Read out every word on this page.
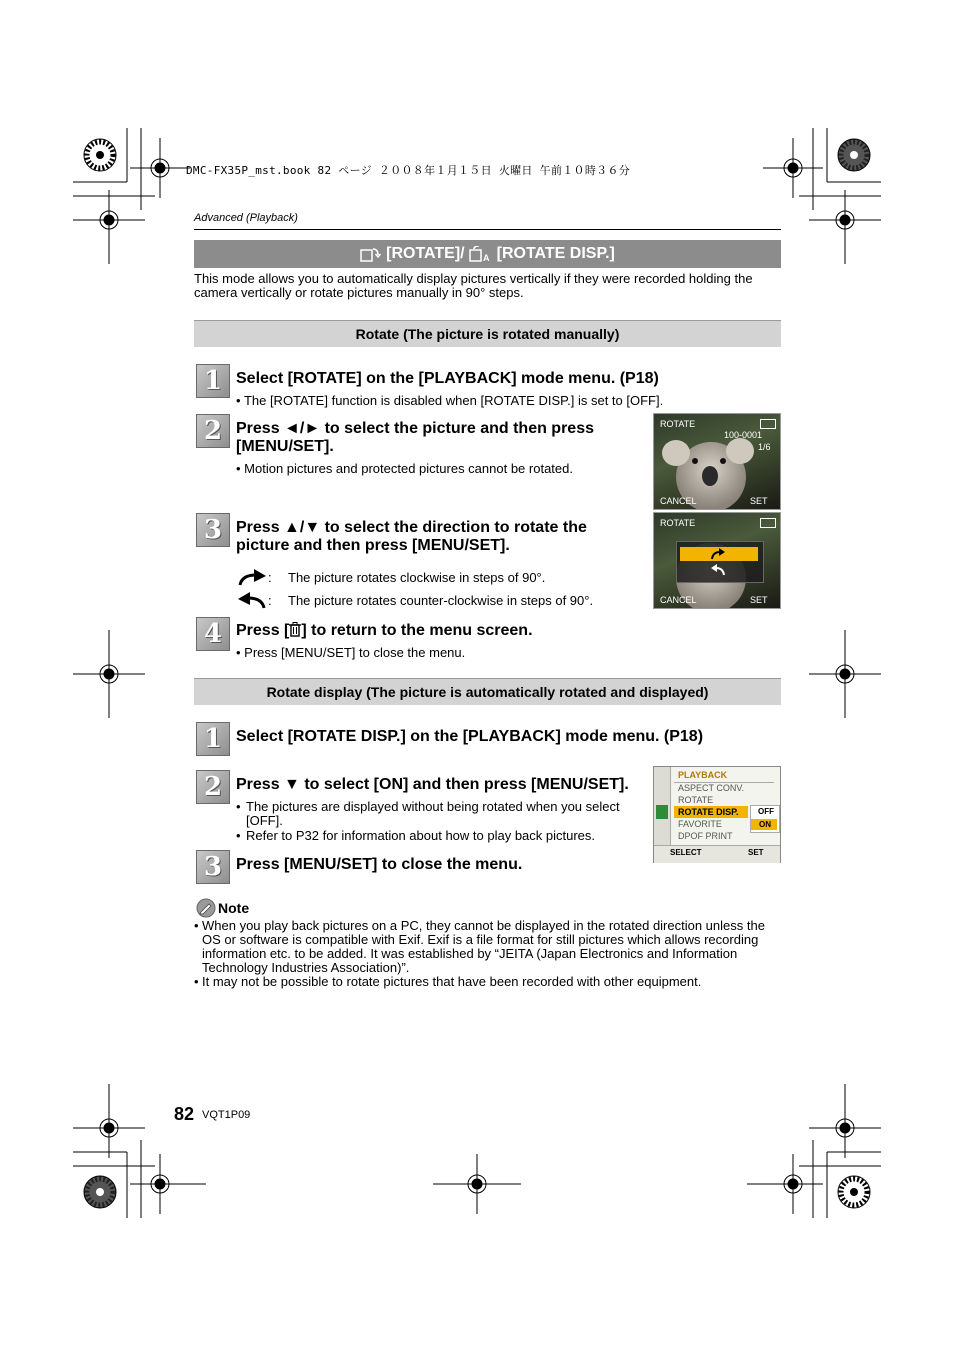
DMC-FX35P_mst.book 82 ページ ２００８年１月１５日 火曜日 午前１０時３６分
Advanced (Playback)
[ROTATE]/ A [ROTATE DISP.]
This mode allows you to automatically display pictures vertically if they were recorded holding the camera vertically or rotate pictures manually in 90° steps.
Rotate (The picture is rotated manually)
1 Select [ROTATE] on the [PLAYBACK] mode menu. (P18)
• The [ROTATE] function is disabled when [ROTATE DISP.] is set to [OFF].
2 Press ◄/► to select the picture and then press [MENU/SET].
• Motion pictures and protected pictures cannot be rotated.
ROTATE
100-0001
1/6
CANCEL	SET
3 Press ▲/▼ to select the direction to rotate the picture and then press [MENU/SET].
: The picture rotates clockwise in steps of 90°.
: The picture rotates counter-clockwise in steps of 90°.
ROTATE
CANCEL	SET
4 Press [ ] to return to the menu screen.
• Press [MENU/SET] to close the menu.
Rotate display (The picture is automatically rotated and displayed)
1 Select [ROTATE DISP.] on the [PLAYBACK] mode menu. (P18)
2 Press ▼ to select [ON] and then press [MENU/SET].
• The pictures are displayed without being rotated when you select [OFF].
• Refer to P32 for information about how to play back pictures.
PLAYBACK
ASPECT CONV.
ROTATE
ROTATE DISP.
FAVORITE
DPOF PRINT
OFF
ON
SELECT	SET
3 Press [MENU/SET] to close the menu.
Note
• When you play back pictures on a PC, they cannot be displayed in the rotated direction unless the OS or software is compatible with Exif. Exif is a file format for still pictures which allows recording information etc. to be added. It was established by “JEITA (Japan Electronics and Information Technology Industries Association)”.
• It may not be possible to rotate pictures that have been recorded with other equipment.
82 VQT1P09
